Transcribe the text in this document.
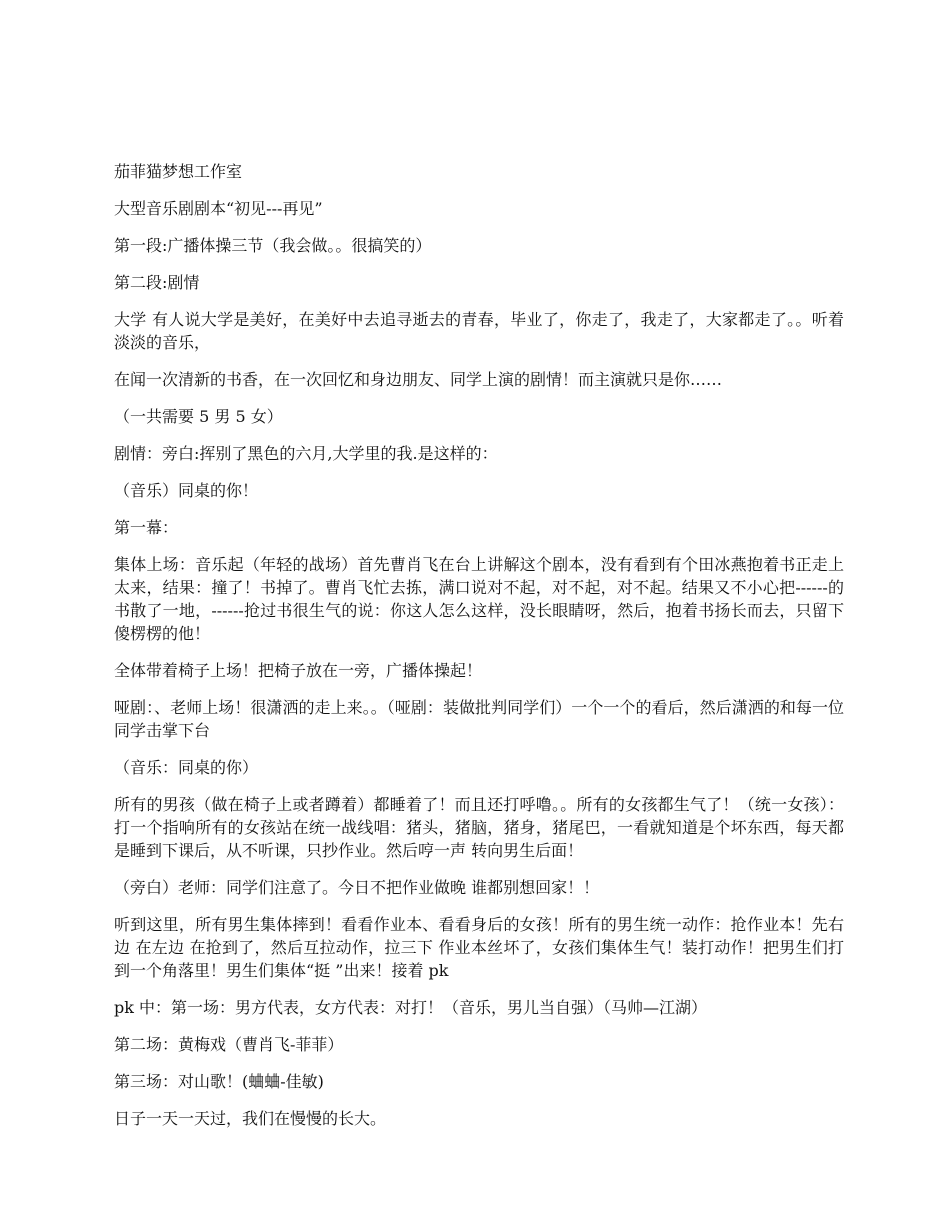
茄菲猫梦想工作室

大型音乐剧剧本“初见---再见”

第一段:广播体操三节（我会做。。很搞笑的）

第二段:剧情

大学 有人说大学是美好，在美好中去追寻逝去的青春，毕业了，你走了，我走了，大家都走了。。听着淡淡的音乐，

在闻一次清新的书香，在一次回忆和身边朋友、同学上演的剧情！而主演就只是你……

（一共需要 5 男 5 女）

剧情：旁白:挥别了黑色的六月,大学里的我.是这样的：

（音乐）同桌的你！

第一幕：

集体上场：音乐起（年轻的战场）首先曹肖飞在台上讲解这个剧本，没有看到有个田冰燕抱着书正走上太来，结果：撞了！书掉了。曹肖飞忙去拣，满口说对不起，对不起，对不起。结果又不小心把------的书散了一地，------抢过书很生气的说：你这人怎么这样，没长眼睛呀，然后，抱着书扬长而去，只留下傻楞楞的他！

全体带着椅子上场！把椅子放在一旁，广播体操起！

哑剧：、老师上场！很潇洒的走上来。。（哑剧：装做批判同学们）一个一个的看后，然后潇洒的和每一位同学击掌下台

（音乐：同桌的你）

所有的男孩（做在椅子上或者蹲着）都睡着了！而且还打呼噜。。所有的女孩都生气了！（统一女孩）：打一个指响所有的女孩站在统一战线唱：猪头，猪脑，猪身，猪尾巴，一看就知道是个坏东西，每天都是睡到下课后，从不听课，只抄作业。然后哼一声 转向男生后面！

（旁白）老师：同学们注意了。今日不把作业做晚 谁都别想回家！！

听到这里，所有男生集体摔到！看看作业本、看看身后的女孩！所有的男生统一动作：抢作业本！先右边 在左边 在抢到了，然后互拉动作，拉三下 作业本丝坏了，女孩们集体生气！装打动作！把男生们打到一个角落里！男生们集体“挺 ”出来！接着 pk

pk 中：第一场：男方代表，女方代表：对打！（音乐，男儿当自强）（马帅—江湖）

第二场：黄梅戏（曹肖飞-菲菲）

第三场：对山歌！(蛐蛐-佳敏)

日子一天一天过，我们在慢慢的长大。
